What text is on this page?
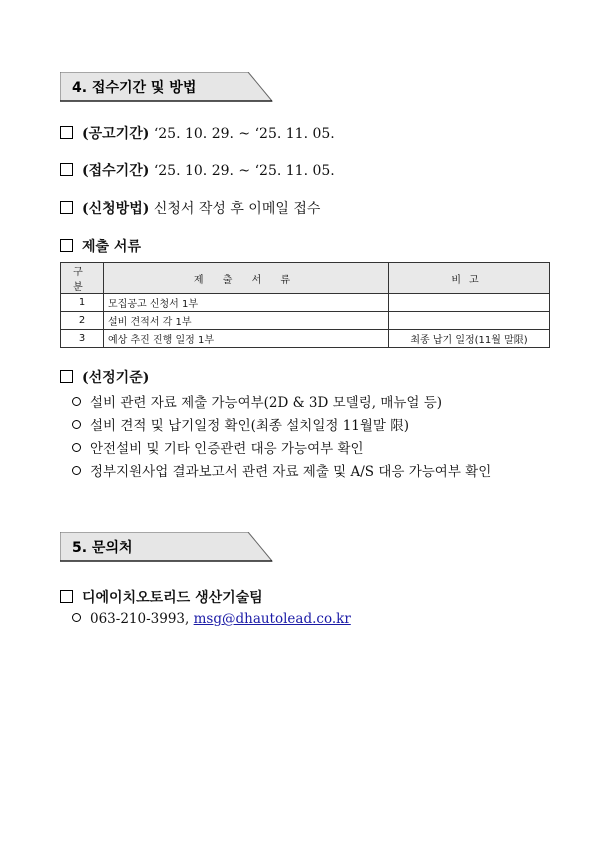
4. 접수기간 및 방법
(공고기간) ‘25. 10. 29. ~ ‘25. 11. 05.
(접수기간) ‘25. 10. 29. ~ ‘25. 11. 05.
(신청방법) 신청서 작성 후 이메일 접수
제출 서류
구분	제 출 서 류	비고
1	모집공고 신청서 1부	
2	설비 견적서 각 1부	
3	예상 추진 진행 일정 1부	최종 납기 일정(11월 말限)
(선정기준)
설비 관련 자료 제출 가능여부(2D & 3D 모델링, 매뉴얼 등)
설비 견적 및 납기일정 확인(최종 설치일정 11월말 限)
안전설비 및 기타 인증관련 대응 가능여부 확인
정부지원사업 결과보고서 관련 자료 제출 및 A/S 대응 가능여부 확인
5. 문의처
디에이치오토리드 생산기술팀
063-210-3993, msg@dhautolead.co.kr
